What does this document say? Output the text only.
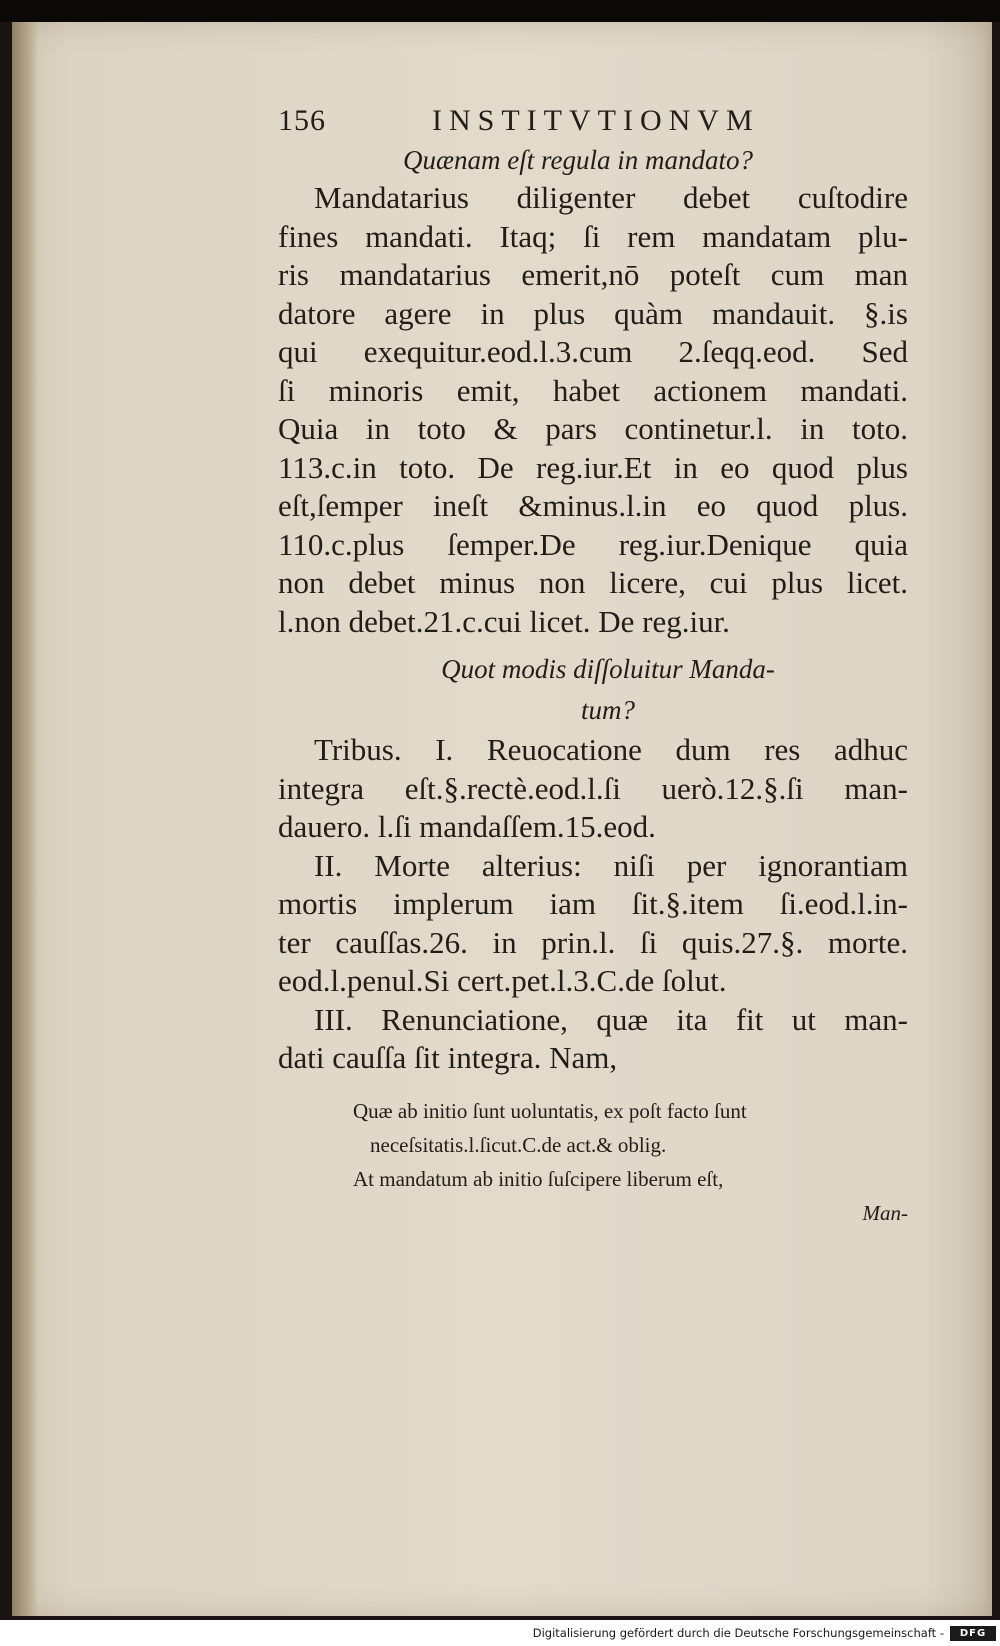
156	INSTITVTIONVM
Quænam eſt regula in mandato?
Mandatarius diligenter debet cuſtodire
fines mandati. Itaq; ſi rem mandatam plu-
ris mandatarius emerit,nō poteſt cum man
datore agere in plus quàm mandauit. §.is
qui exequitur.eod.l.3.cum 2.ſeqq.eod. Sed
ſi minoris emit, habet actionem mandati.
Quia in toto & pars continetur.l. in toto.
113.c.in toto. De reg.iur.Et in eo quod plus
eſt,ſemper ineſt &minus.l.in eo quod plus.
110.c.plus ſemper.De reg.iur.Denique quia
non debet minus non licere, cui plus licet.
l.non debet.21.c.cui licet. De reg.iur.
Quot modis diſſoluitur Manda-
tum?
Tribus. I. Reuocatione dum res adhuc
integra eſt.§.rectè.eod.l.ſi uerò.12.§.ſi man-
dauero. l.ſi mandaſſem.15.eod.
II. Morte alterius: niſi per ignorantiam
mortis implerum iam ſit.§.item ſi.eod.l.in-
ter cauſſas.26. in prin.l. ſi quis.27.§. morte.
eod.l.penul.Si cert.pet.l.3.C.de ſolut.
III. Renunciatione, quæ ita fit ut man-
dati cauſſa ſit integra. Nam,
Quæ ab initio ſunt uoluntatis, ex poſt facto ſunt
neceſsitatis.l.ſicut.C.de act.& oblig.
At mandatum ab initio ſuſcipere liberum eſt,
Man-
Digitalisierung gefördert durch die Deutsche Forschungsgemeinschaft -	DFG
